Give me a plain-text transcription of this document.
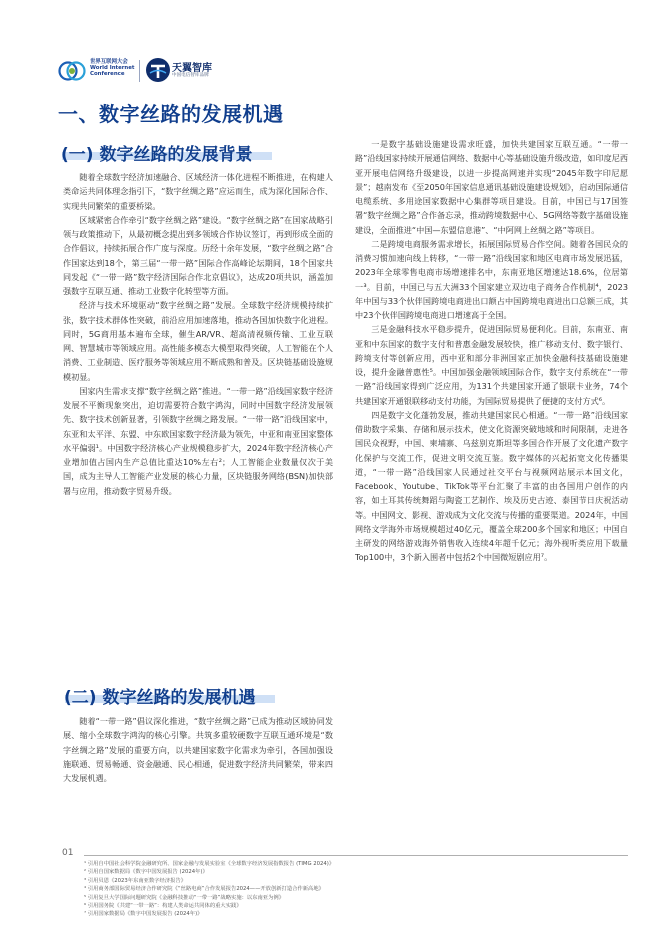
世界互联网大会
World Internet
Conference
天翼智库
中国电信智库品牌
一、数字丝路的发展机遇
(一) 数字丝路的发展背景

随着全球数字经济加速融合、区域经济一体化进程不断推进，在构建人类命运共同体理念指引下，“数字丝绸之路”应运而生，成为深化国际合作、实现共同繁荣的重要桥梁。

区域紧密合作牵引“数字丝绸之路”建设。“数字丝绸之路”在国家战略引领与政策推动下，从最初概念提出到多领域合作协议签订，再到形成全面的合作倡议，持续拓展合作广度与深度。历经十余年发展，“数字丝绸之路”合作国家达到18个，第三届“一带一路”国际合作高峰论坛期间，18个国家共同发起《“一带一路”数字经济国际合作北京倡议》，达成20项共识，涵盖加强数字互联互通、推动工业数字化转型等方面。

经济与技术环境驱动“数字丝绸之路”发展。全球数字经济规模持续扩张，数字技术群体性突破，前沿应用加速落地，推动各国加快数字化进程。同时，5G商用基本遍布全球，催生AR/VR、超高清视频传输、工业互联网、智慧城市等领域应用。高性能多模态大模型取得突破，人工智能在个人消费、工业制造、医疗服务等领域应用不断成熟和普及。区块链基础设施规模初显。

国家内生需求支撑“数字丝绸之路”推进。“一带一路”沿线国家数字经济发展不平衡现象突出，迫切需要符合数字鸿沟，同时中国数字经济发展领先、数字技术创新显著，引领数字丝绸之路发展。“一带一路”沿线国家中，东亚和太平洋、东盟、中东欧国家数字经济最为领先，中亚和南亚国家整体水平偏弱¹。中国数字经济核心产业规模稳步扩大，2024年数字经济核心产业增加值占国内生产总值比重达10%左右²；人工智能企业数量仅次于美国，成为主导人工智能产业发展的核心力量，区块链服务网络(BSN)加快部署与应用，推动数字贸易升级。

(二) 数字丝路的发展机遇

随着“一带一路”倡议深化推进，“数字丝绸之路”已成为推动区域协同发展、缩小全球数字鸿沟的核心引擎。共筑多重较硬数字互联互通环境是“数字丝绸之路”发展的重要方向，以共建国家数字化需求为牵引，各国加强设施联通、贸易畅通、资金融通、民心相通，促进数字经济共同繁荣，带来四大发展机遇。

一是数字基础设施建设需求旺盛，加快共建国家互联互通。“一带一路”沿线国家持续开展通信网络、数据中心等基础设施升级改造，如印度尼西亚开展电信网络升级建设，以进一步提高网速并实现“2045年数字印尼愿景”；越南发布《至2050年国家信息通讯基础设施建设规划》，启动国际通信电缆系统、多用途国家数据中心集群等项目建设。目前，中国已与17国签署“数字丝绸之路”合作备忘录，推动跨境数据中心、5G网络等数字基础设施建设，全面推进“中国—东盟信息港”、“中阿网上丝绸之路”等项目。

二是跨境电商服务需求增长，拓展国际贸易合作空间。随着各国民众的消费习惯加速向线上转移，“一带一路”沿线国家和地区电商市场发展迅猛，2023年全球零售电商市场增速排名中，东南亚地区增速达18.6%，位居第一³。目前，中国已与五大洲33个国家建立双边电子商务合作机制⁴，2023年中国与33个伙伴国跨境电商进出口额占中国跨境电商进出口总额三成，其中23个伙伴国跨境电商进口增速高于全国。

三是金融科技水平稳步提升，促进国际贸易便利化。目前，东南亚、南亚和中东国家的数字支付和普惠金融发展较快，推广移动支付、数字银行、跨境支付等创新应用，西中亚和部分非洲国家正加快金融科技基础设施建设，提升金融普惠性⁵。中国加强金融领域国际合作，数字支付系统在“一带一路”沿线国家得到广泛应用，为131个共建国家开通了银联卡业务，74个共建国家开通银联移动支付功能，为国际贸易提供了便捷的支付方式⁶。

四是数字文化蓬勃发展，推动共建国家民心相通。“一带一路”沿线国家借助数字采集、存储和展示技术，使文化资源突破地域和时间限制，走进各国民众视野，中国、柬埔寨、乌兹别克斯坦等多国合作开展了文化遗产数字化保护与交流工作，促进文明交流互鉴。数字媒体的兴起拓宽文化传播渠道，“一带一路”沿线国家人民通过社交平台与视频网站展示本国文化，Facebook、Youtube、TikTok等平台汇聚了丰富的由各国用户创作的内容，如土耳其传统舞蹈与陶瓷工艺制作、埃及历史古迹、泰国节日庆祝活动等。中国网文、影视、游戏成为文化交流与传播的重要渠道。2024年，中国网络文学海外市场规模超过40亿元，覆盖全球200多个国家和地区；中国自主研发的网络游戏海外销售收入连续4年超千亿元；海外视听类应用下载量Top100中，3个新入围者中包括2个中国微短剧应用⁷。

01
¹ 引用自中国社会科学院金融研究所、国家金融与发展实验室《全球数字经济发展指数报告 (TIMG 2024)》
² 引用自国家数据局《数字中国发展报告 (2024年)》
³ 引用贝恩《2023年东南亚数字经济报告》
⁴ 引用商务部国际贸易经济合作研究院《“丝路电商”合作发展报告2024——开放创新打造合作新高地》
⁵ 引用复旦大学国际问题研究院《金融科技推动“一带一路”战略实施：以东南亚为例》
⁶ 引用国务院《共建“一带一路”：构建人类命运共同体的重大实践》
⁷ 引用国家数据局《数字中国发展报告 (2024年)》
